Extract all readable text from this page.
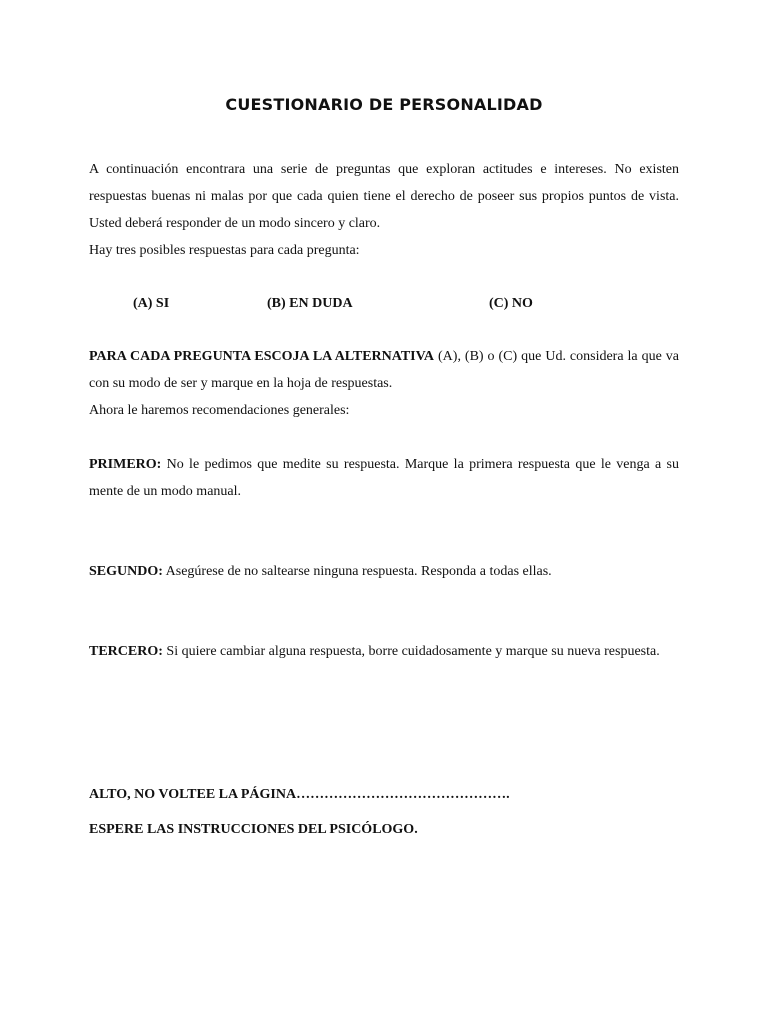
CUESTIONARIO DE PERSONALIDAD

A continuación encontrara una serie de preguntas que exploran actitudes e intereses. No existen respuestas buenas ni malas por que cada quien tiene el derecho de poseer sus propios puntos de vista. Usted deberá responder de un modo sincero y claro.

Hay tres posibles respuestas para cada pregunta:

(A) SI	(B) EN DUDA	(C) NO

PARA CADA PREGUNTA ESCOJA LA ALTERNATIVA (A), (B) o (C) que Ud. considera la que va con su modo de ser y marque en la hoja de respuestas.

Ahora le haremos recomendaciones generales:

PRIMERO: No le pedimos que medite su respuesta. Marque la primera respuesta que le venga a su mente de un modo manual.

SEGUNDO: Asegúrese de no saltearse ninguna respuesta. Responda a todas ellas.

TERCERO: Si quiere cambiar alguna respuesta, borre cuidadosamente y marque su nueva respuesta.

ALTO, NO VOLTEE LA PÁGINA……………………………………….
ESPERE LAS INSTRUCCIONES DEL PSICÓLOGO.
